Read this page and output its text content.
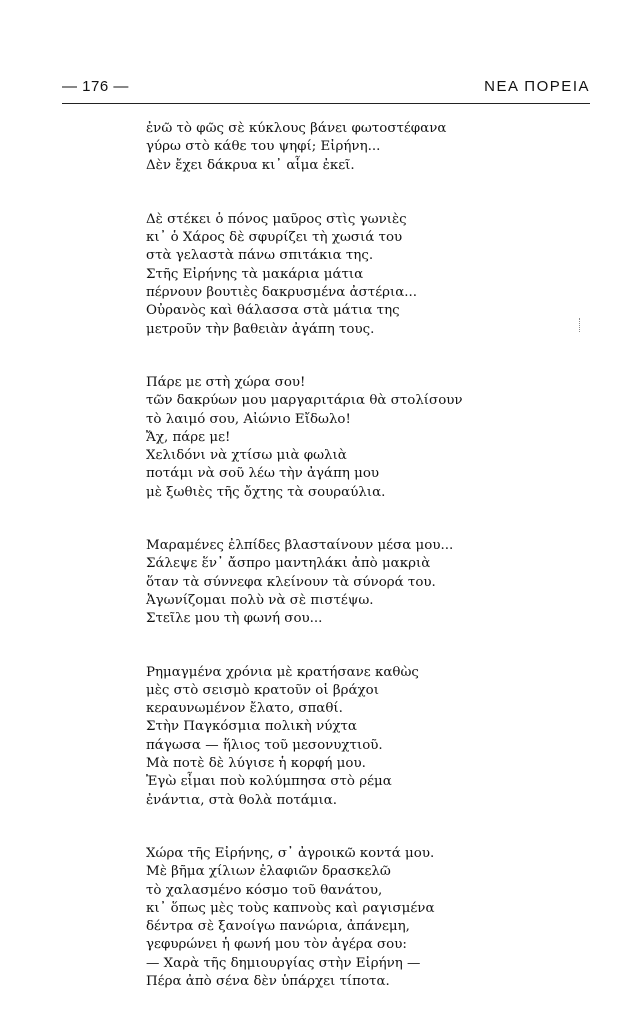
— 176 —	ΝΕΑ ΠΟΡΕΙΑ
ἐνῶ τὸ φῶς σὲ κύκλους βάνει φωτοστέφανα
γύρω στὸ κάθε του ψηφί; Εἰρήνη...
Δὲν ἔχει δάκρυα κι᾿ αἷμα ἐκεῖ.
Δὲ στέκει ὁ πόνος μαῦρος στὶς γωνιὲς
κι᾿ ὁ Χάρος δὲ σφυρίζει τὴ χωσιά του
στὰ γελαστὰ πάνω σπιτάκια της.
Στῆς Εἰρήνης τὰ μακάρια μάτια
πέρνουν βουτιὲς δακρυσμένα ἀστέρια...
Οὐρανὸς καὶ θάλασσα στὰ μάτια της
μετροῦν τὴν βαθειὰν ἀγάπη τους.
Πάρε με στὴ χώρα σου!
τῶν δακρύων μου μαργαριτάρια θὰ στολίσουν
τὸ λαιμό σου, Αἰώνιο Εἴδωλο!
Ἄχ, πάρε με!
Χελιδόνι νὰ χτίσω μιὰ φωλιὰ
ποτάμι νὰ σοῦ λέω τὴν ἀγάπη μου
μὲ ξωθιὲς τῆς ὄχτης τὰ σουραύλια.
Μαραμένες ἐλπίδες βλασταίνουν μέσα μου...
Σάλεψε ἕν᾿ ἄσπρο μαντηλάκι ἀπὸ μακριὰ
ὅταν τὰ σύννεφα κλείνουν τὰ σύνορά του.
Ἀγωνίζομαι πολὺ νὰ σὲ πιστέψω.
Στεῖλε μου τὴ φωνή σου...
Ρημαγμένα χρόνια μὲ κρατήσανε καθὼς
μὲς στὸ σεισμὸ κρατοῦν οἱ βράχοι
κεραυνωμένον ἔλατο, σπαθί.
Στὴν Παγκόσμια πολικὴ νύχτα
πάγωσα — ἥλιος τοῦ μεσονυχτιοῦ.
Μὰ ποτὲ δὲ λύγισε ἡ κορφή μου.
Ἐγὼ εἶμαι ποὺ κολύμπησα στὸ ρέμα
ἐνάντια, στὰ θολὰ ποτάμια.
Χώρα τῆς Εἰρήνης, σ᾿ ἀγροικῶ κοντά μου.
Μὲ βῆμα χίλιων ἐλαφιῶν δρασκελῶ
τὸ χαλασμένο κόσμο τοῦ θανάτου,
κι᾿ ὅπως μὲς τοὺς καπνοὺς καὶ ραγισμένα
δέντρα σὲ ξανοίγω πανώρια, ἀπάνεμη,
γεφυρώνει ἡ φωνή μου τὸν ἀγέρα σου:
— Χαρὰ τῆς δημιουργίας στὴν Εἰρήνη —
Πέρα ἀπὸ σένα δὲν ὑπάρχει τίποτα.
